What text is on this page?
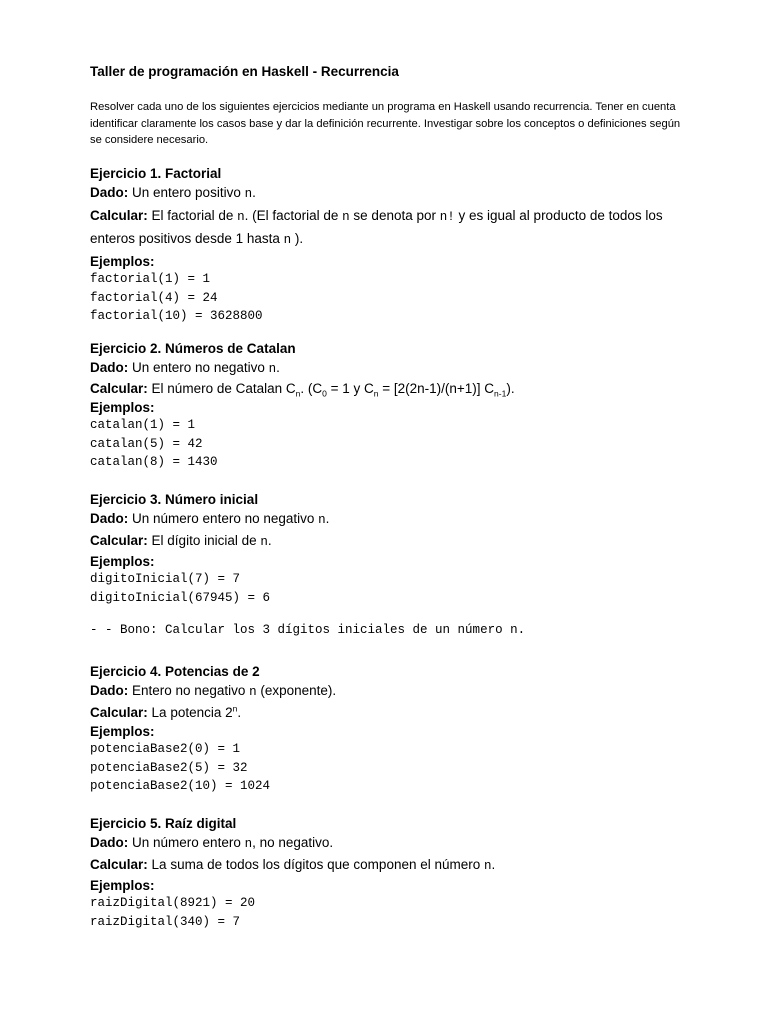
Taller de programación en Haskell - Recurrencia
Resolver cada uno de los siguientes ejercicios mediante un programa en Haskell usando recurrencia. Tener en cuenta identificar claramente los casos base y dar la definición recurrente. Investigar sobre los conceptos o definiciones según se considere necesario.
Ejercicio 1. Factorial
Dado: Un entero positivo n.
Calcular: El factorial de n. (El factorial de n se denota por n! y es igual al producto de todos los enteros positivos desde 1 hasta n ).
Ejemplos:
factorial(1) = 1
factorial(4) = 24
factorial(10) = 3628800
Ejercicio 2. Números de Catalan
Dado: Un entero no negativo n.
Calcular: El número de Catalan $C_n$. ($C_0 = 1$ y $C_n = [2(2n-1)/(n+1)]$ $C_{n-1}$).
Ejemplos:
catalan(1) = 1
catalan(5) = 42
catalan(8) = 1430
Ejercicio 3. Número inicial
Dado: Un número entero no negativo n.
Calcular: El dígito inicial de n.
Ejemplos:
digitoInicial(7) = 7
digitoInicial(67945) = 6
- - Bono: Calcular los 3 dígitos iniciales de un número n.
Ejercicio 4. Potencias de 2
Dado: Entero no negativo n (exponente).
Calcular: La potencia 2$^n$.
Ejemplos:
potenciaBase2(0) = 1
potenciaBase2(5) = 32
potenciaBase2(10) = 1024
Ejercicio 5. Raíz digital
Dado: Un número entero n, no negativo.
Calcular: La suma de todos los dígitos que componen el número n.
Ejemplos:
raizDigital(8921) = 20
raizDigital(340) = 7
